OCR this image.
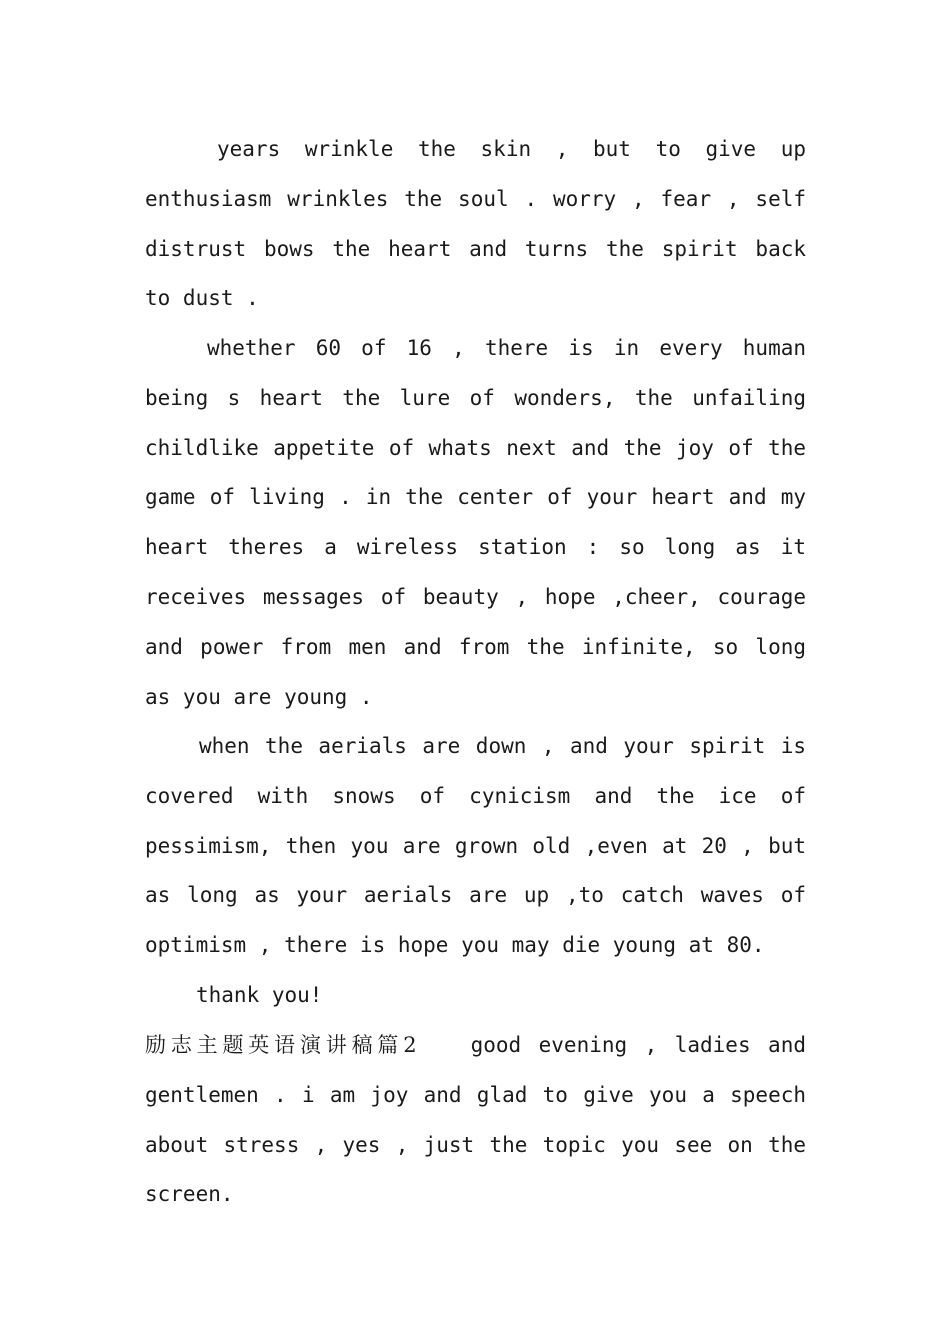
years wrinkle the skin , but to give up
enthusiasm wrinkles the soul . worry , fear , self
distrust bows the heart and turns the spirit back
to dust .
whether 60 of 16 , there is in every human
being s heart the lure of wonders, the unfailing
childlike appetite of whats next and the joy of the
game of living . in the center of your heart and my
heart theres a wireless station : so long as it
receives messages of beauty , hope ,cheer, courage
and power from men and from the infinite, so long
as you are young .
when the aerials are down , and your spirit is
covered with snows of cynicism and the ice of
pessimism, then you are grown old ,even at 20 , but
as long as your aerials are up ,to catch waves of
optimism , there is hope you may die young at 80.
thank you!
励志主题英语演讲稿篇2	good evening , ladies and
gentlemen . i am joy and glad to give you a speech
about stress , yes , just the topic you see on the
screen.
